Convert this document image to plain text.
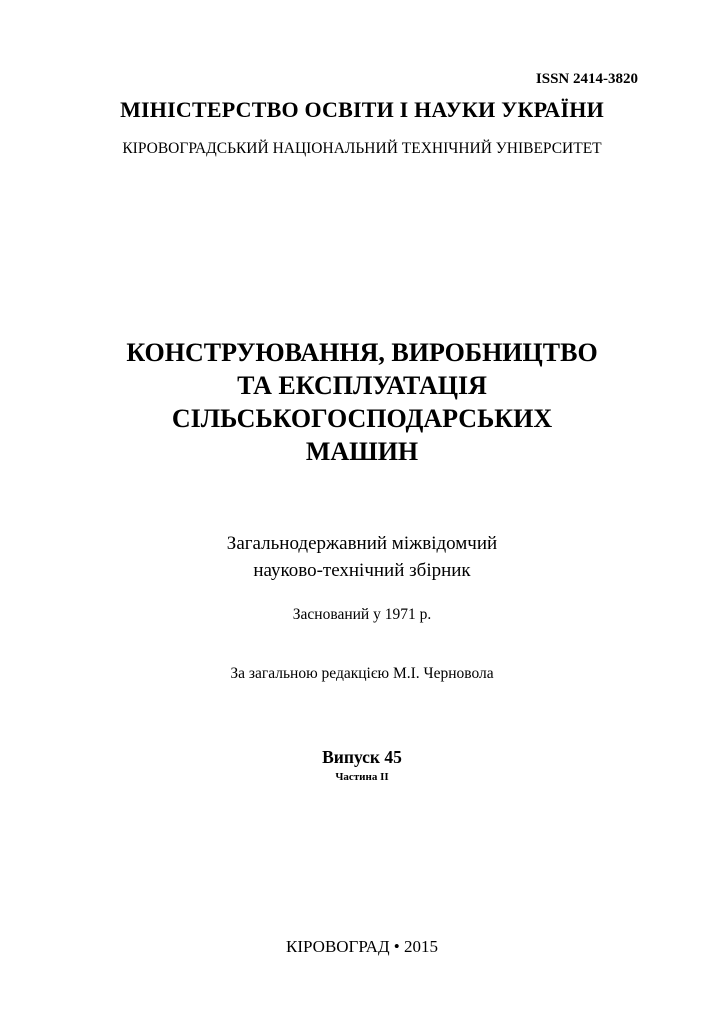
ISSN 2414-3820
МІНІСТЕРСТВО ОСВІТИ І НАУКИ УКРАЇНИ
КІРОВОГРАДСЬКИЙ НАЦІОНАЛЬНИЙ ТЕХНІЧНИЙ УНІВЕРСИТЕТ
КОНСТРУЮВАННЯ, ВИРОБНИЦТВО
ТА ЕКСПЛУАТАЦІЯ
СІЛЬСЬКОГОСПОДАРСЬКИХ
МАШИН
Загальнодержавний міжвідомчий
науково-технічний збірник
Заснований у 1971 р.
За загальною редакцією М.І. Черновола
Випуск 45
Частина ІІ
КІРОВОГРАД • 2015
